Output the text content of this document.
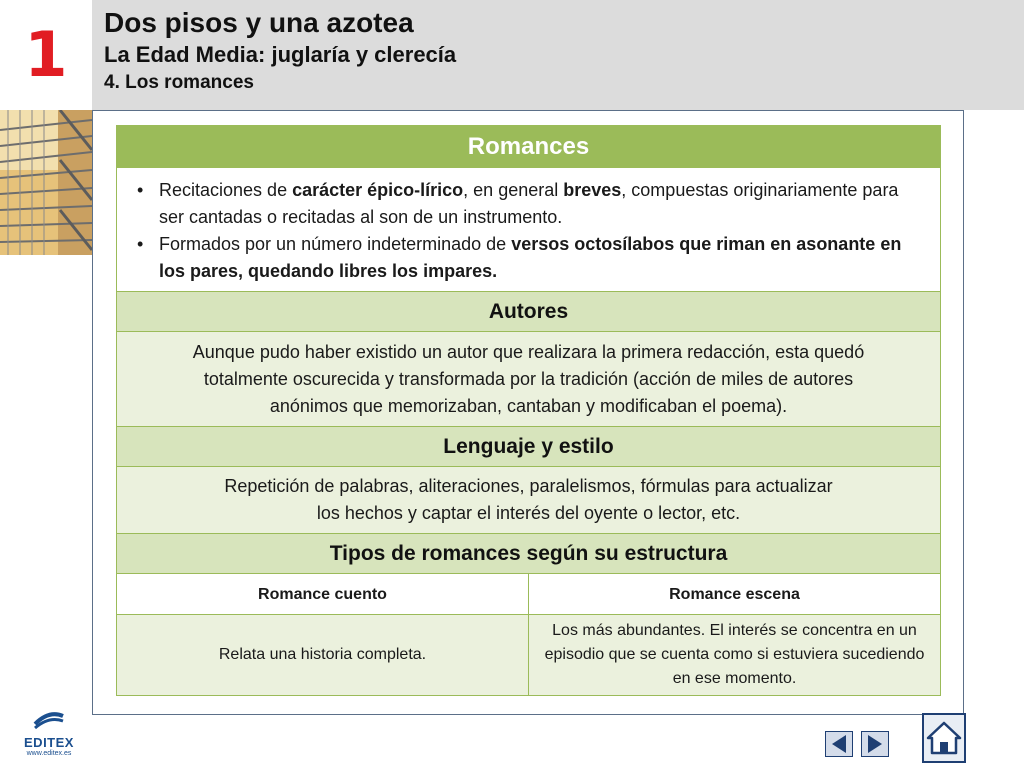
1	Dos pisos y una azotea
La Edad Media: juglaría y clerecía
4. Los romances
Romances
• Recitaciones de carácter épico-lírico, en general breves, compuestas originariamente para ser cantadas o recitadas al son de un instrumento.
• Formados por un número indeterminado de versos octosílabos que riman en asonante en los pares, quedando libres los impares.
Autores
Aunque pudo haber existido un autor que realizara la primera redacción, esta quedó
totalmente oscurecida y transformada por la tradición (acción de miles de autores
anónimos que memorizaban, cantaban y modificaban el poema).
Lenguaje y estilo
Repetición de palabras, aliteraciones, paralelismos, fórmulas para actualizar
los hechos y captar el interés del oyente o lector, etc.
Tipos de romances según su estructura
Romance cuento
Relata una historia completa.
Romance escena
Los más abundantes. El interés se concentra en un episodio que se cuenta como si estuviera sucediendo en ese momento.
EDITEX
www.editex.es
